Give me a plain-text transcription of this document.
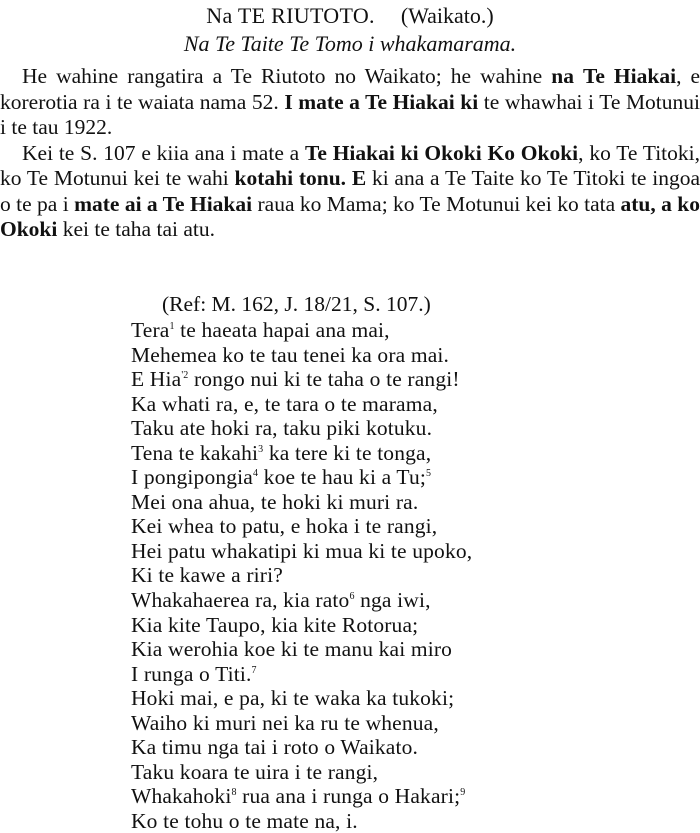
Na TE RIUTOTO. (Waikato.)
Na Te Taite Te Tomo i whakamarama.

He wahine rangatira a Te Riutoto no Waikato; he wahine na Te Hiakai, e korerotia ra i te waiata nama 52. I mate a Te Hiakai ki te whawhai i Te Motunui i te tau 1922.

Kei te S. 107 e kiia ana i mate a Te Hiakai ki Okoki Ko Okoki, ko Te Titoki, ko Te Motunui kei te wahi kotahi tonu. E ki ana a Te Taite ko Te Titoki te ingoa o te pa i mate ai a Te Hiakai raua ko Mama; ko Te Motunui kei ko tata atu, a ko Okoki kei te taha tai atu.

(Ref: M. 162, J. 18/21, S. 107.)
Tera$^1$ te haeata hapai ana mai,
Mehemea ko te tau tenei ka ora mai.
E Hia$^{'2}$ rongo nui ki te taha o te rangi!
Ka whati ra, e, te tara o te marama,
Taku ate hoki ra, taku piki kotuku.
Tena te kakahi$^3$ ka tere ki te tonga,
I pongipongia$^4$ koe te hau ki a Tu;$^5$
Mei ona ahua, te hoki ki muri ra.
Kei whea to patu, e hoka i te rangi,
Hei patu whakatipi ki mua ki te upoko,
Ki te kawe a riri?
Whakahaerea ra, kia rato$^6$ nga iwi,
Kia kite Taupo, kia kite Rotorua;
Kia werohia koe ki te manu kai miro
I runga o Titi.$^7$
Hoki mai, e pa, ki te waka ka tukoki;
Waiho ki muri nei ka ru te whenua,
Ka timu nga tai i roto o Waikato.
Taku koara te uira i te rangi,
Whakahoki$^8$ rua ana i runga o Hakari;$^9$
Ko te tohu o te mate na, i.
